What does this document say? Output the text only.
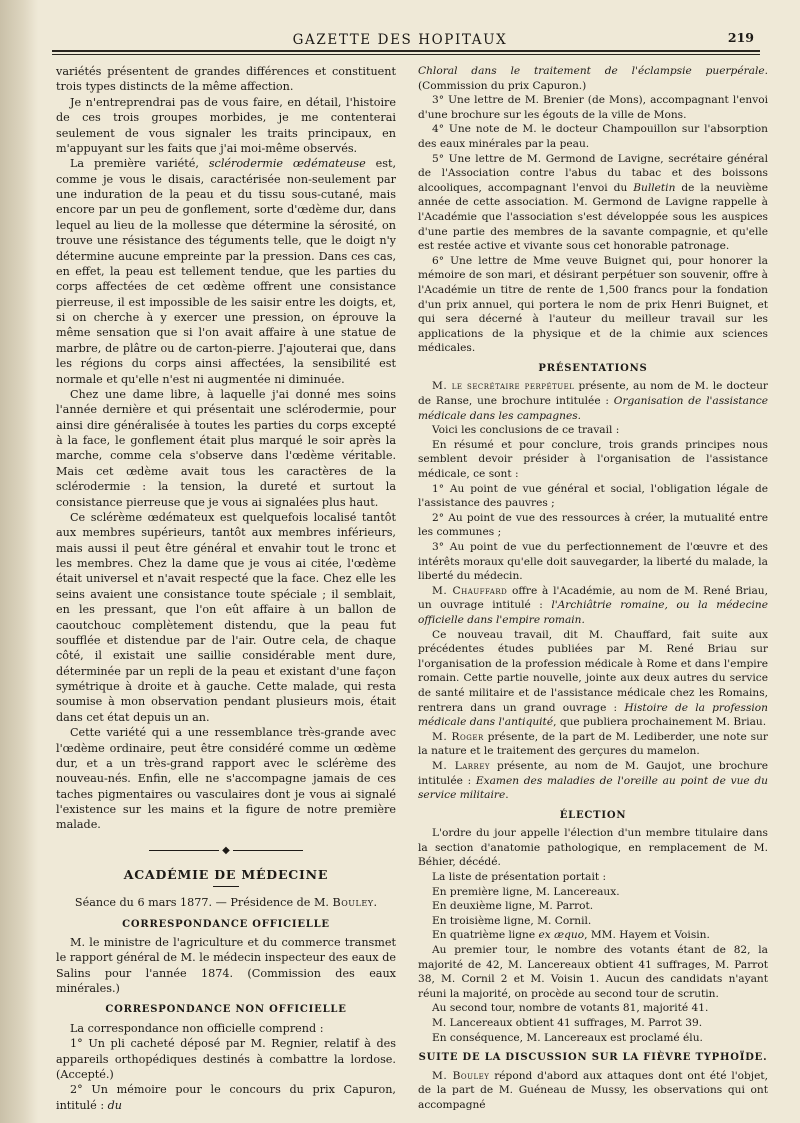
GAZETTE DES HOPITAUX	219

variétés présentent de grandes différences et constituent trois types distincts de la même affection.

Je n'entreprendrai pas de vous faire, en détail, l'histoire de ces trois groupes morbides, je me contenterai seulement de vous signaler les traits principaux, en m'appuyant sur les faits que j'ai moi-même observés.

La première variété, sclérodermie œdémateuse est, comme je vous le disais, caractérisée non-seulement par une induration de la peau et du tissu sous-cutané, mais encore par un peu de gonflement, sorte d'œdème dur, dans lequel au lieu de la mollesse que détermine la sérosité, on trouve une résistance des téguments telle, que le doigt n'y détermine aucune empreinte par la pression. Dans ces cas, en effet, la peau est tellement tendue, que les parties du corps affectées de cet œdème offrent une consistance pierreuse, il est impossible de les saisir entre les doigts, et, si on cherche à y exercer une pression, on éprouve la même sensation que si l'on avait affaire à une statue de marbre, de plâtre ou de carton-pierre. J'ajouterai que, dans les régions du corps ainsi affectées, la sensibilité est normale et qu'elle n'est ni augmentée ni diminuée.

Chez une dame libre, à laquelle j'ai donné mes soins l'année dernière et qui présentait une sclérodermie, pour ainsi dire généralisée à toutes les parties du corps excepté à la face, le gonflement était plus marqué le soir après la marche, comme cela s'observe dans l'œdème véritable. Mais cet œdème avait tous les caractères de la sclérodermie : la tension, la dureté et surtout la consistance pierreuse que je vous ai signalées plus haut.

Ce sclérème œdémateux est quelquefois localisé tantôt aux membres supérieurs, tantôt aux membres inférieurs, mais aussi il peut être général et envahir tout le tronc et les membres. Chez la dame que je vous ai citée, l'œdème était universel et n'avait respecté que la face. Chez elle les seins avaient une consistance toute spéciale ; il semblait, en les pressant, que l'on eût affaire à un ballon de caoutchouc complètement distendu, que la peau fut soufflée et distendue par de l'air. Outre cela, de chaque côté, il existait une saillie considérable ment dure, déterminée par un repli de la peau et existant d'une façon symétrique à droite et à gauche. Cette malade, qui resta soumise à mon observation pendant plusieurs mois, était dans cet état depuis un an.

Cette variété qui a une ressemblance très-grande avec l'œdème ordinaire, peut être considéré comme un œdème dur, et a un très-grand rapport avec le sclérème des nouveau-nés. Enfin, elle ne s'accompagne jamais de ces taches pigmentaires ou vasculaires dont je vous ai signalé l'existence sur les mains et la figure de notre première malade.

◆
ACADÉMIE DE MÉDECINE

Séance du 6 mars 1877. — Présidence de M. Bouley.

CORRESPONDANCE OFFICIELLE

M. le ministre de l'agriculture et du commerce transmet le rapport général de M. le médecin inspecteur des eaux de Salins pour l'année 1874. (Commission des eaux minérales.)

CORRESPONDANCE NON OFFICIELLE

La correspondance non officielle comprend :

1° Un pli cacheté déposé par M. Regnier, relatif à des appareils orthopédiques destinés à combattre la lordose. (Accepté.)

2° Un mémoire pour le concours du prix Capuron, intitulé : du

Chloral dans le traitement de l'éclampsie puerpérale. (Commission du prix Capuron.)

3° Une lettre de M. Brenier (de Mons), accompagnant l'envoi d'une brochure sur les égouts de la ville de Mons.

4° Une note de M. le docteur Champouillon sur l'absorption des eaux minérales par la peau.

5° Une lettre de M. Germond de Lavigne, secrétaire général de l'Association contre l'abus du tabac et des boissons alcooliques, accompagnant l'envoi du Bulletin de la neuvième année de cette association. M. Germond de Lavigne rappelle à l'Académie que l'association s'est développée sous les auspices d'une partie des membres de la savante compagnie, et qu'elle est restée active et vivante sous cet honorable patronage.

6° Une lettre de Mme veuve Buignet qui, pour honorer la mémoire de son mari, et désirant perpétuer son souvenir, offre à l'Académie un titre de rente de 1,500 francs pour la fondation d'un prix annuel, qui portera le nom de prix Henri Buignet, et qui sera décerné à l'auteur du meilleur travail sur les applications de la physique et de la chimie aux sciences médicales.

PRÉSENTATIONS

M. le secrétaire perpétuel présente, au nom de M. le docteur de Ranse, une brochure intitulée : Organisation de l'assistance médicale dans les campagnes.

Voici les conclusions de ce travail :

En résumé et pour conclure, trois grands principes nous semblent devoir présider à l'organisation de l'assistance médicale, ce sont :

1° Au point de vue général et social, l'obligation légale de l'assistance des pauvres ;

2° Au point de vue des ressources à créer, la mutualité entre les communes ;

3° Au point de vue du perfectionnement de l'œuvre et des intérêts moraux qu'elle doit sauvegarder, la liberté du malade, la liberté du médecin.

M. Chauffard offre à l'Académie, au nom de M. René Briau, un ouvrage intitulé : l'Archiâtrie romaine, ou la médecine officielle dans l'empire romain.

Ce nouveau travail, dit M. Chauffard, fait suite aux précédentes études publiées par M. René Briau sur l'organisation de la profession médicale à Rome et dans l'empire romain. Cette partie nouvelle, jointe aux deux autres du service de santé militaire et de l'assistance médicale chez les Romains, rentrera dans un grand ouvrage : Histoire de la profession médicale dans l'antiquité, que publiera prochainement M. Briau.

M. Roger présente, de la part de M. Lediberder, une note sur la nature et le traitement des gerçures du mamelon.

M. Larrey présente, au nom de M. Gaujot, une brochure intitulée : Examen des maladies de l'oreille au point de vue du service militaire.

ÉLECTION

L'ordre du jour appelle l'élection d'un membre titulaire dans la section d'anatomie pathologique, en remplacement de M. Béhier, décédé.

La liste de présentation portait :

En première ligne, M. Lancereaux.

En deuxième ligne, M. Parrot.

En troisième ligne, M. Cornil.

En quatrième ligne ex æquo, MM. Hayem et Voisin.

Au premier tour, le nombre des votants étant de 82, la majorité de 42, M. Lancereaux obtient 41 suffrages, M. Parrot 38, M. Cornil 2 et M. Voisin 1. Aucun des candidats n'ayant réuni la majorité, on procède au second tour de scrutin.

Au second tour, nombre de votants 81, majorité 41.

M. Lancereaux obtient 41 suffrages, M. Parrot 39.

En conséquence, M. Lancereaux est proclamé élu.

SUITE DE LA DISCUSSION SUR LA FIÈVRE TYPHOÏDE.

M. Bouley répond d'abord aux attaques dont ont été l'objet, de la part de M. Guéneau de Mussy, les observations qui ont accompagné
